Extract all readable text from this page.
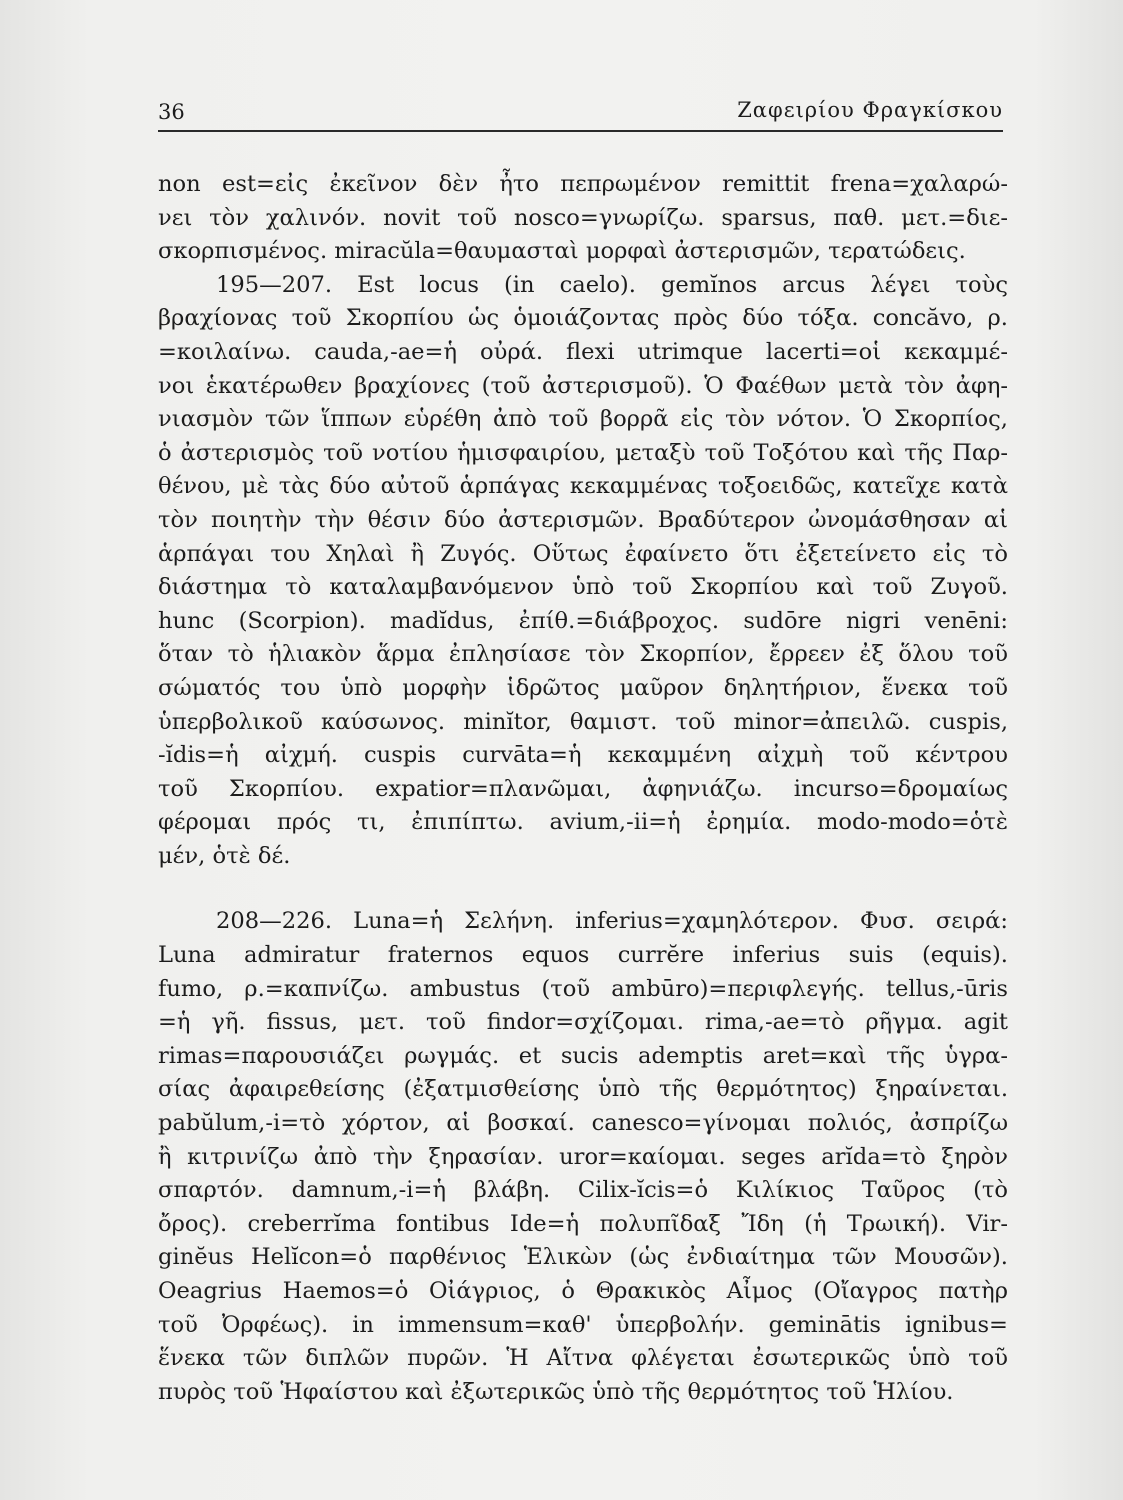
36	Ζαφειρίου Φραγκίσκου
non est=εἰς ἐκεῖνον δὲν ἦτο πεπρωμένον remittit frena=χαλαρώ-
νει τὸν χαλινόν. novit τοῦ nosco=γνωρίζω. sparsus, παθ. μετ.=διε-
σκορπισμένος. miracŭla=θαυμασταὶ μορφαὶ ἀστερισμῶν, τερατώδεις.
195—207. Est locus (in caelo). gemĭnos arcus λέγει τοὺς
βραχίονας τοῦ Σκορπίου ὡς ὁμοιάζοντας πρὸς δύο τόξα. concăvo, ρ.
=κοιλαίνω. cauda,-ae=ἡ οὐρά. flexi utrimque lacerti=οἱ κεκαμμέ-
νοι ἑκατέρωθεν βραχίονες (τοῦ ἀστερισμοῦ). Ὁ Φαέθων μετὰ τὸν ἀφη-
νιασμὸν τῶν ἵππων εὑρέθη ἀπὸ τοῦ βορρᾶ εἰς τὸν νότον. Ὁ Σκορπίος,
ὁ ἀστερισμὸς τοῦ νοτίου ἡμισφαιρίου, μεταξὺ τοῦ Τοξότου καὶ τῆς Παρ-
θένου, μὲ τὰς δύο αὐτοῦ ἁρπάγας κεκαμμένας τοξοειδῶς, κατεῖχε κατὰ
τὸν ποιητὴν τὴν θέσιν δύο ἀστερισμῶν. Βραδύτερον ὠνομάσθησαν αἱ
ἁρπάγαι του Χηλαὶ ἢ Ζυγός. Οὕτως ἐφαίνετο ὅτι ἐξετείνετο εἰς τὸ
διάστημα τὸ καταλαμβανόμενον ὑπὸ τοῦ Σκορπίου καὶ τοῦ Ζυγοῦ.
hunc (Scorpion). madĭdus, ἐπίθ.=διάβροχος. sudōre nigri venēni:
ὅταν τὸ ἡλιακὸν ἅρμα ἐπλησίασε τὸν Σκορπίον, ἔρρεεν ἐξ ὅλου τοῦ
σώματός του ὑπὸ μορφὴν ἱδρῶτος μαῦρον δηλητήριον, ἕνεκα τοῦ
ὑπερβολικοῦ καύσωνος. minĭtor, θαμιστ. τοῦ minor=ἀπειλῶ. cuspis,
-ĭdis=ἡ αἰχμή. cuspis curvāta=ἡ κεκαμμένη αἰχμὴ τοῦ κέντρου
τοῦ Σκορπίου. expatior=πλανῶμαι, ἀφηνιάζω. incurso=δρομαίως
φέρομαι πρός τι, ἐπιπίπτω. avium,-ii=ἡ ἐρημία. modo-modo=ὁτὲ
μέν, ὁτὲ δέ.
208—226. Luna=ἡ Σελήνη. inferius=χαμηλότερον. Φυσ. σειρά:
Luna admiratur fraternos equos currĕre inferius suis (equis).
fumo, ρ.=καπνίζω. ambustus (τοῦ ambūro)=περιφλεγής. tellus,-ūris
=ἡ γῆ. fissus, μετ. τοῦ findor=σχίζομαι. rima,-ae=τὸ ρῆγμα. agit
rimas=παρουσιάζει ρωγμάς. et sucis ademptis aret=καὶ τῆς ὑγρα-
σίας ἀφαιρεθείσης (ἐξατμισθείσης ὑπὸ τῆς θερμότητος) ξηραίνεται.
pabŭlum,-i=τὸ χόρτον, αἱ βοσκαί. canesco=γίνομαι πολιός, ἀσπρίζω
ἢ κιτρινίζω ἀπὸ τὴν ξηρασίαν. uror=καίομαι. seges arĭda=τὸ ξηρὸν
σπαρτόν. damnum,-i=ἡ βλάβη. Cilix-ĭcis=ὁ Κιλίκιος Ταῦρος (τὸ
ὄρος). creberrĭma fontibus Ide=ἡ πολυπῖδαξ Ἴδη (ἡ Τρωική). Vir-
ginĕus Helĭcon=ὁ παρθένιος Ἑλικὼν (ὡς ἐνδιαίτημα τῶν Μουσῶν).
Oeagrius Haemos=ὁ Οἰάγριος, ὁ Θρακικὸς Αἶμος (Οἴαγρος πατὴρ
τοῦ Ὀρφέως). in immensum=καθ' ὑπερβολήν. geminātis ignibus=
ἕνεκα τῶν διπλῶν πυρῶν. Ἡ Αἴτνα φλέγεται ἐσωτερικῶς ὑπὸ τοῦ
πυρὸς τοῦ Ἡφαίστου καὶ ἐξωτερικῶς ὑπὸ τῆς θερμότητος τοῦ Ἡλίου.
